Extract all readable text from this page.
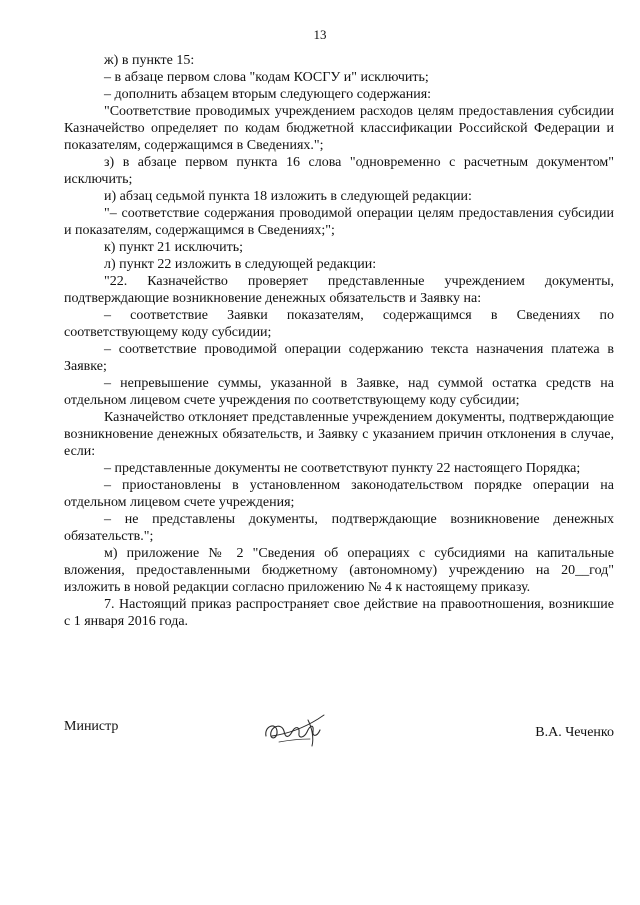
13

ж) в пункте 15:

– в абзаце первом слова "кодам КОСГУ и" исключить;

– дополнить абзацем вторым следующего содержания:

"Соответствие проводимых учреждением расходов целям предоставления субсидии Казначейство определяет по кодам бюджетной классификации Российской Федерации и показателям, содержащимся в Сведениях.";

з) в абзаце первом пункта 16 слова "одновременно с расчетным документом" исключить;

и) абзац седьмой пункта 18 изложить в следующей редакции:

"– соответствие содержания проводимой операции целям предоставления субсидии и показателям, содержащимся в Сведениях;";

к) пункт 21 исключить;

л) пункт 22 изложить в следующей редакции:

"22. Казначейство проверяет представленные учреждением документы, подтверждающие возникновение денежных обязательств и Заявку на:

– соответствие Заявки показателям, содержащимся в Сведениях по соответствующему коду субсидии;

– соответствие проводимой операции содержанию текста назначения платежа в Заявке;

– непревышение суммы, указанной в Заявке, над суммой остатка средств на отдельном лицевом счете учреждения по соответствующему коду субсидии;

Казначейство отклоняет представленные учреждением документы, подтверждающие возникновение денежных обязательств, и Заявку с указанием причин отклонения в случае, если:

– представленные документы не соответствуют пункту 22 настоящего Порядка;

– приостановлены в установленном законодательством порядке операции на отдельном лицевом счете учреждения;

– не представлены документы, подтверждающие возникновение денежных обязательств.";

м) приложение № 2 "Сведения об операциях с субсидиями на капитальные вложения, предоставленными бюджетному (автономному) учреждению на 20__год" изложить в новой редакции согласно приложению № 4 к настоящему приказу.

7. Настоящий приказ распространяет свое действие на правоотношения, возникшие с 1 января 2016 года.

Министр	В.А. Чеченко
